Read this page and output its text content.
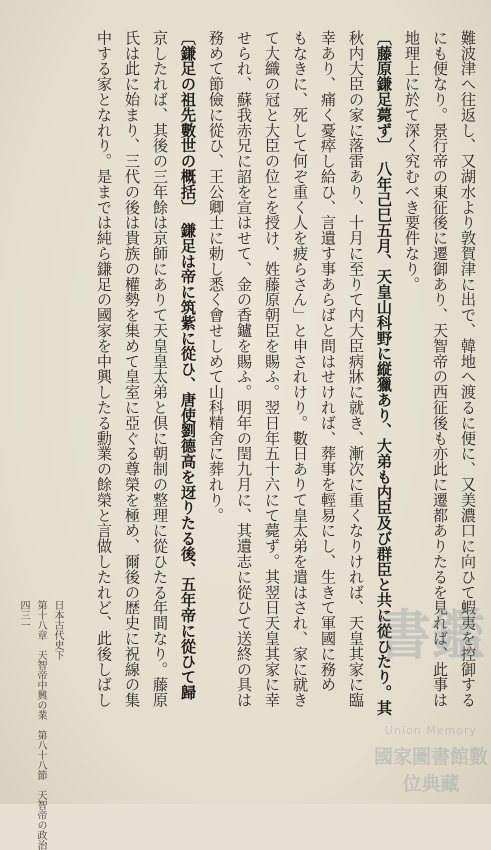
難波津へ往返し、又湖水より敦賀津に出で、韓地へ渡るに便に、又美濃口に向ひて蝦夷を控御する
にも便なり。景行帝の東征後に遷御あり、天智帝の西征後も亦此に遷都ありたるを見れば、此事は
地理上に於て深く究むべき要件なり。
〔藤原鎌足薨ず〕　八年己巳五月、天皇山科野に縦獵あり、大弟も内臣及び群臣と共に從ひたり。其
秋内大臣の家に落雷あり、十月に至りて内大臣病牀に就き、漸次に重くなりければ、天皇其家に臨
幸あり、痛く憂瘁し給ひ、言遺す事あらばと問はせければ、葬事を輕易にし、生きて軍國に務め
もなきに、死して何ぞ重く人を疲らさん」と申されけり。數日ありて皇太弟を遣はされ、家に就き
て大織の冠と大臣の位とを授け、姓藤原朝臣を賜ふ。翌日年五十六にて薨ず。其翌日天皇其家に幸
せられ、蘇我赤兄に詔を宣はせて、金の香鑪を賜ふ。明年の閏九月に、其遺志に從ひて送終の具は
務めて節儉に從ひ、王公卿士に勅し悉く會せしめて山科精舍に葬れり。
〔鎌足の祖先數世の概括〕　鎌足は帝に筑紫に從ひ、唐使劉德高を迓りたる後、五年帝に從ひて歸
京したれば、其後の三年餘は京師にありて天皇皇太弟と倶に朝制の整理に從ひたる年間なり。藤原
氏は此に始まり、三代の後は貴族の權勢を集めて皇室に亞ぐる尊榮を極め、爾後の歴史に祝線の集
中する家となれり。是までは純ら鎌足の國家を中興したる勳業の餘榮と言做したれど、此後しばし
日本古代史下
第十八章　天智帝中興の業　第八十八節　天智帝の政治
四三一	書鑑
Union Memory
國家圖書館數位典藏
